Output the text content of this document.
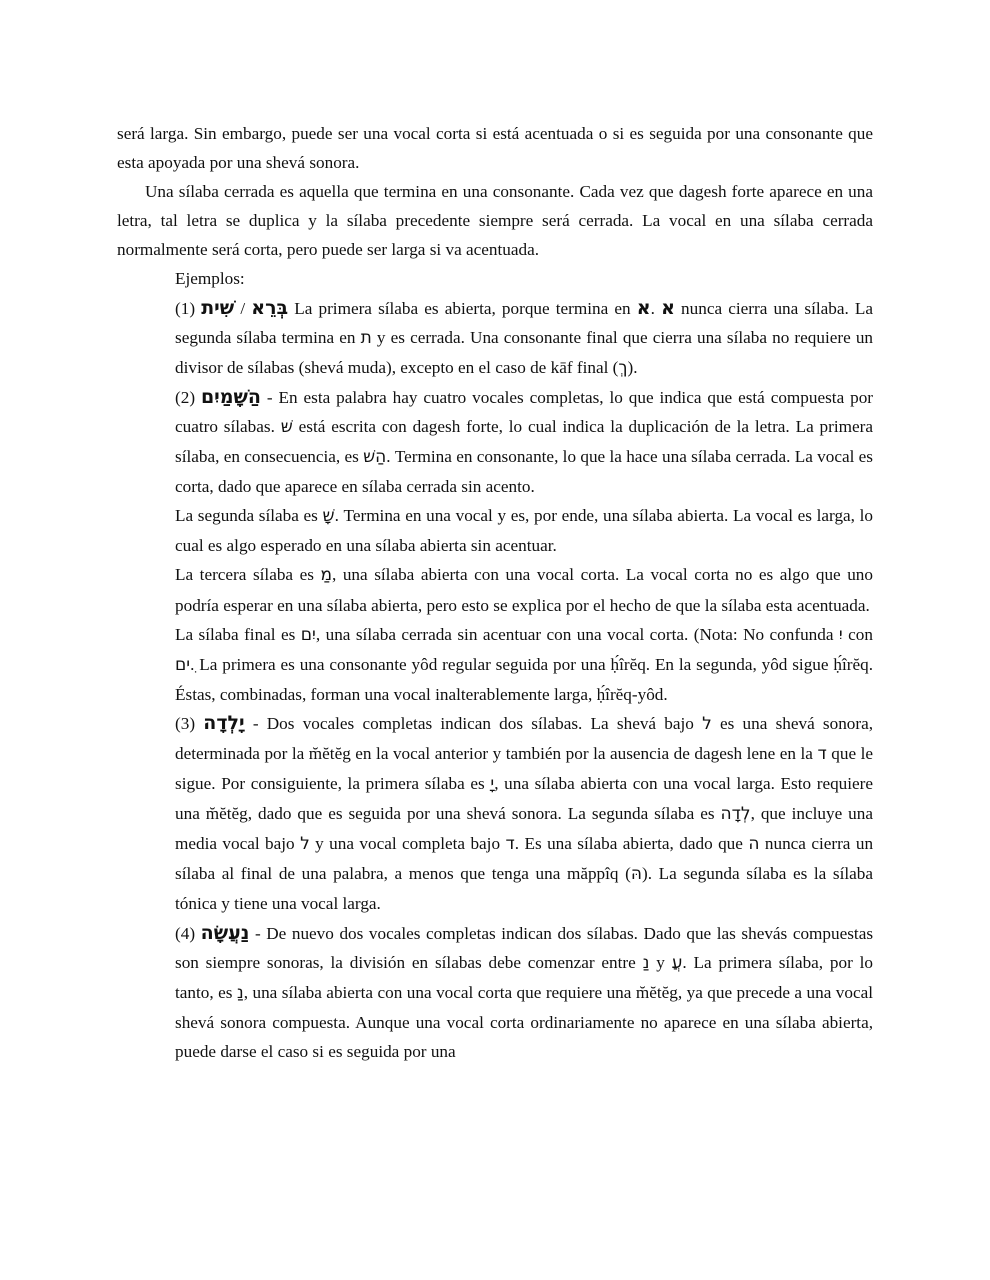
será larga. Sin embargo, puede ser una vocal corta si está acentuada o si es seguida por una consonante que esta apoyada por una shevá sonora.

Una sílaba cerrada es aquella que termina en una consonante. Cada vez que dagesh forte aparece en una letra, tal letra se duplica y la sílaba precedente siempre será cerrada. La vocal en una sílaba cerrada normalmente será corta, pero puede ser larga si va acentuada.

Ejemplos:
(1) שִׁית / בְּרֵא La primera sílaba es abierta, porque termina en א. א nunca cierra una sílaba. La segunda sílaba termina en ת y es cerrada. Una consonante final que cierra una sílaba no requiere un divisor de sílabas (shevá muda), excepto en el caso de kāf final (ךְ).
(2) הַשָּׁמַיִם - En esta palabra hay cuatro vocales completas, lo que indica que está compuesta por cuatro sílabas. שּׁ está escrita con dagesh forte, lo cual indica la duplicación de la letra. La primera sílaba, en consecuencia, es הַשׁ. Termina en consonante, lo que la hace una sílaba cerrada. La vocal es corta, dado que aparece en sílaba cerrada sin acento.
La segunda sílaba es שָׁ. Termina en una vocal y es, por ende, una sílaba abierta. La vocal es larga, lo cual es algo esperado en una sílaba abierta sin acentuar.
La tercera sílaba es מַ, una sílaba abierta con una vocal corta. La vocal corta no es algo que uno podría esperar en una sílaba abierta, pero esto se explica por el hecho de que la sílaba esta acentuada.
La sílaba final es יִם, una sílaba cerrada sin acentuar con una vocal corta. (Nota: No confunda יִ con ִים. La primera es una consonante yôd regular seguida por una ḥ́îrĕq. En la segunda, yôd sigue ḥ́îrĕq. Éstas, combinadas, forman una vocal inalterablemente larga, ḥ́îrĕq-yôd.
(3) יָלְדָה - Dos vocales completas indican dos sílabas. La shevá bajo ל es una shevá sonora, determinada por la m̆ĕtĕg en la vocal anterior y también por la ausencia de dagesh lene en la ד que le sigue. Por consiguiente, la primera sílaba es יָ, una sílaba abierta con una vocal larga. Esto requiere una m̆ĕtĕg, dado que es seguida por una shevá sonora. La segunda sílaba es לְדָה, que incluye una media vocal bajo ל y una vocal completa bajo ד. Es una sílaba abierta, dado que ה nunca cierra un sílaba al final de una palabra, a menos que tenga una măppîq (הּ). La segunda sílaba es la sílaba tónica y tiene una vocal larga.
(4) נַעֲשָׂה - De nuevo dos vocales completas indican dos sílabas. Dado que las shevás compuestas son siempre sonoras, la división en sílabas debe comenzar entre נַ y עֲ. La primera sílaba, por lo tanto, es נַ, una sílaba abierta con una vocal corta que requiere una m̆ĕtĕg, ya que precede a una vocal shevá sonora compuesta. Aunque una vocal corta ordinariamente no aparece en una sílaba abierta, puede darse el caso si es seguida por una
